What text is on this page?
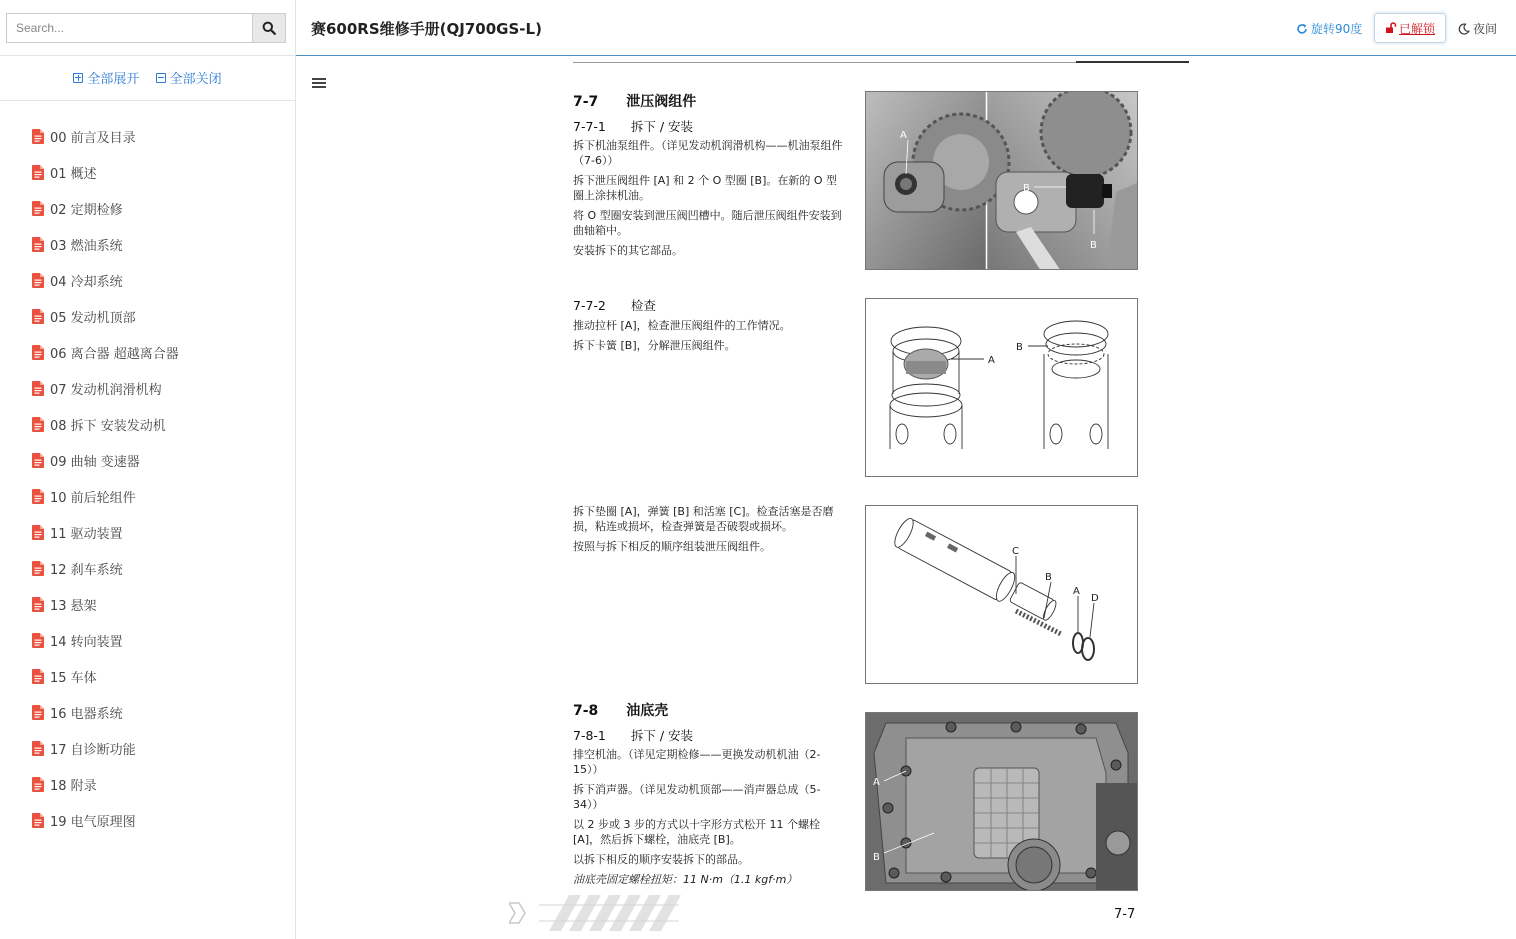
Search...
全部展开
全部关闭
00 前言及目录
01 概述
02 定期检修
03 燃油系统
04 冷却系统
05 发动机顶部
06 离合器 超越离合器
07 发动机润滑机构
08 拆下 安装发动机
09 曲轴 变速器
10 前后轮组件
11 驱动装置
12 刹车系统
13 悬架
14 转向装置
15 车体
16 电器系统
17 自诊断功能
18 附录
19 电气原理图
赛600RS维修手册(QJ700GS-L)	旋转90度	已解锁	夜间
7-7　　泄压阀组件
7-7-1　　拆下 / 安装

拆下机油泵组件。（详见发动机润滑机构——机油泵组件（7-6））

拆下泄压阀组件 [A] 和 2 个 O 型圈 [B]。在新的 O 型圈上涂抹机油。

将 O 型圈安装到泄压阀凹槽中。随后泄压阀组件安装到曲轴箱中。

安装拆下的其它部品。

A
B
B
7-7-2　　检查

推动拉杆 [A]，检查泄压阀组件的工作情况。

拆下卡簧 [B]，分解泄压阀组件。

A
B

拆下垫圈 [A]，弹簧 [B] 和活塞 [C]。检查活塞是否磨损，粘连或损坏，检查弹簧是否破裂或损坏。

按照与拆下相反的顺序组装泄压阀组件。	C
B
A
D
7-8　　油底壳
7-8-1　　拆下 / 安装

排空机油。（详见定期检修——更换发动机机油（2-15））

拆下消声器。（详见发动机顶部——消声器总成（5-34））

以 2 步或 3 步的方式以十字形方式松开 11 个螺栓 [A]，然后拆下螺栓，油底壳 [B]。

以拆下相反的顺序安装拆下的部品。

油底壳固定螺栓扭矩：11 N·m（1.1 kgf·m）

A
B
7-7
